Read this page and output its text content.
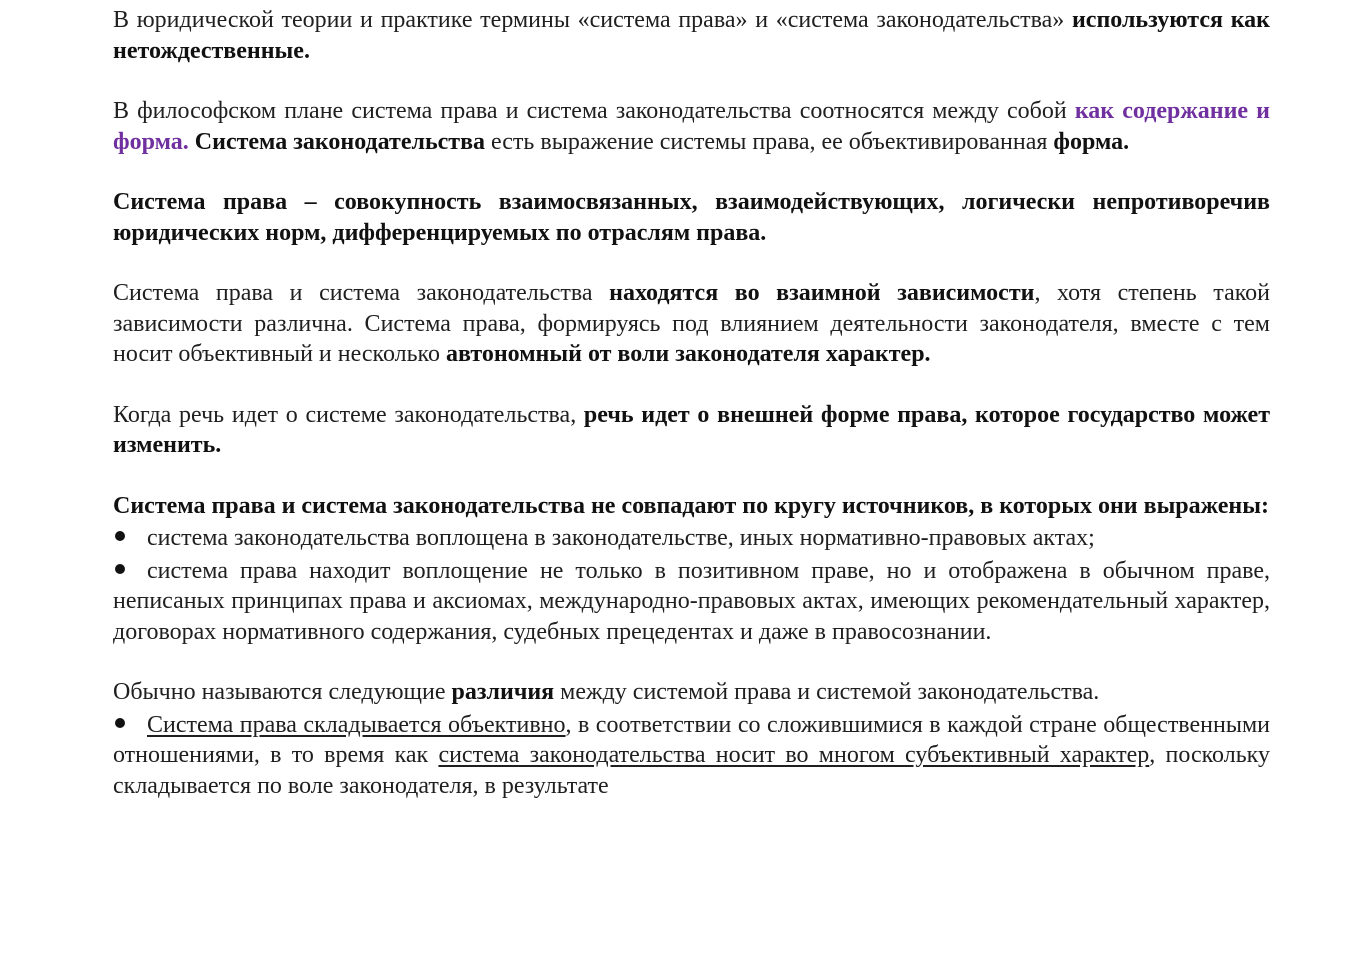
В юридической теории и практике термины «система права» и «система законодательства» используются как нетождественные.

В философском плане система права и система законодательства соотносятся между собой как содержание и форма. Система законодательства есть выражение системы права, ее объективированная форма.

Система права – совокупность взаимосвязанных, взаимодействующих, логически непротиворечив юридических норм, дифференцируемых по отраслям права.

Система права и система законодательства находятся во взаимной зависимости, хотя степень такой зависимости различна. Система права, формируясь под влиянием деятельности законодателя, вместе с тем носит объективный и несколько автономный от воли законодателя характер.

Когда речь идет о системе законодательства, речь идет о внешней форме права, которое государство может изменить.

Система права и система законодательства не совпадают по кругу источников, в которых они выражены:

система законодательства воплощена в законодательстве, иных нормативно-правовых актах;

система права находит воплощение не только в позитивном праве, но и отображена в обычном праве, неписаных принципах права и аксиомах, международно-правовых актах, имеющих рекомендательный характер, договорах нормативного содержания, судебных прецедентах и даже в правосознании.

Обычно называются следующие различия между системой права и системой законодательства.

Система права складывается объективно, в соответствии со сложившимися в каждой стране общественными отношениями, в то время как система законодательства носит во многом субъективный характер, поскольку складывается по воле законодателя, в результате
